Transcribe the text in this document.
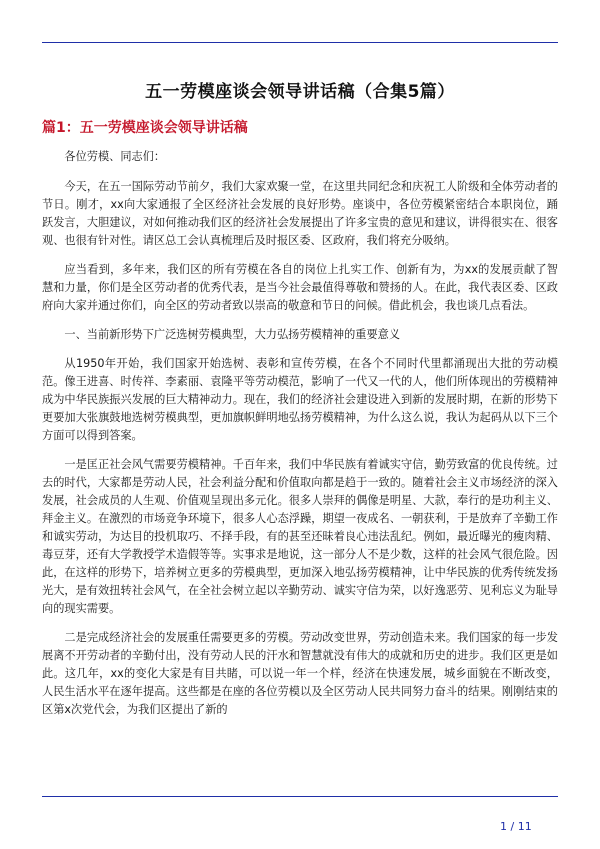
五一劳模座谈会领导讲话稿（合集5篇）
篇1：五一劳模座谈会领导讲话稿

各位劳模、同志们：

今天，在五一国际劳动节前夕，我们大家欢聚一堂，在这里共同纪念和庆祝工人阶级和全体劳动者的节日。刚才，xx向大家通报了全区经济社会发展的良好形势。座谈中，各位劳模紧密结合本职岗位，踊跃发言，大胆建议，对如何推动我们区的经济社会发展提出了许多宝贵的意见和建议，讲得很实在、很客观、也很有针对性。请区总工会认真梳理后及时报区委、区政府，我们将充分吸纳。

应当看到，多年来，我们区的所有劳模在各自的岗位上扎实工作、创新有为，为xx的发展贡献了智慧和力量，你们是全区劳动者的优秀代表，是当今社会最值得尊敬和赞扬的人。在此，我代表区委、区政府向大家并通过你们，向全区的劳动者致以崇高的敬意和节日的问候。借此机会，我也谈几点看法。

一、当前新形势下广泛选树劳模典型，大力弘扬劳模精神的重要意义

从1950年开始，我们国家开始选树、表彰和宣传劳模，在各个不同时代里都涌现出大批的劳动模范。像王进喜、时传祥、李素丽、袁隆平等劳动模范，影响了一代又一代的人，他们所体现出的劳模精神成为中华民族振兴发展的巨大精神动力。现在，我们的经济社会建设进入到新的发展时期，在新的形势下更要加大张旗鼓地选树劳模典型，更加旗帜鲜明地弘扬劳模精神，为什么这么说，我认为起码从以下三个方面可以得到答案。

一是匡正社会风气需要劳模精神。千百年来，我们中华民族有着诚实守信，勤劳致富的优良传统。过去的时代，大家都是劳动人民，社会利益分配和价值取向都是趋于一致的。随着社会主义市场经济的深入发展，社会成员的人生观、价值观呈现出多元化。很多人崇拜的偶像是明星、大款，奉行的是功利主义、拜金主义。在激烈的市场竞争环境下，很多人心态浮躁，期望一夜成名、一朝获利，于是放弃了辛勤工作和诚实劳动，为达目的投机取巧、不择手段，有的甚至还昧着良心违法乱纪。例如，最近曝光的瘦肉精、毒豆芽，还有大学教授学术造假等等。实事求是地说，这一部分人不是少数，这样的社会风气很危险。因此，在这样的形势下，培养树立更多的劳模典型，更加深入地弘扬劳模精神，让中华民族的优秀传统发扬光大，是有效扭转社会风气，在全社会树立起以辛勤劳动、诚实守信为荣，以好逸恶劳、见利忘义为耻导向的现实需要。

二是完成经济社会的发展重任需要更多的劳模。劳动改变世界，劳动创造未来。我们国家的每一步发展离不开劳动者的辛勤付出，没有劳动人民的汗水和智慧就没有伟大的成就和历史的进步。我们区更是如此。这几年，xx的变化大家是有目共睹，可以说一年一个样，经济在快速发展，城乡面貌在不断改变，人民生活水平在逐年提高。这些都是在座的各位劳模以及全区劳动人民共同努力奋斗的结果。刚刚结束的区第x次党代会，为我们区提出了新的

1 / 11
